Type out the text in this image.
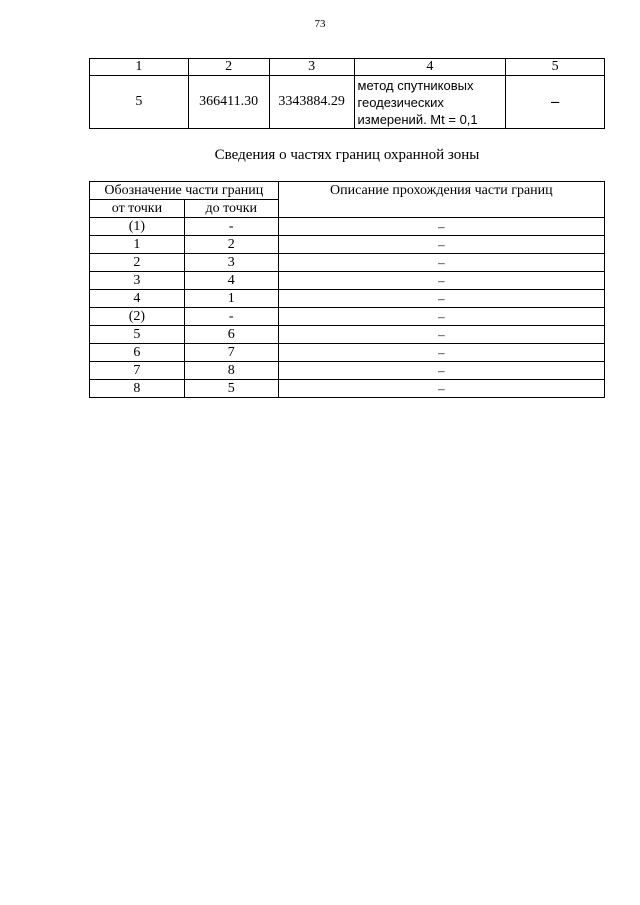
73
1	2	3	4	5
5	366411.30	3343884.29	метод спутниковых
геодезических
измерений. Mt = 0,1	–
Сведения о частях границ охранной зоны
Обозначение части границ		Описание прохождения части границ
от точки	до точки	
(1)	-	–
1	2	–
2	3	–
3	4	–
4	1	–
(2)	-	–
5	6	–
6	7	–
7	8	–
8	5	–
